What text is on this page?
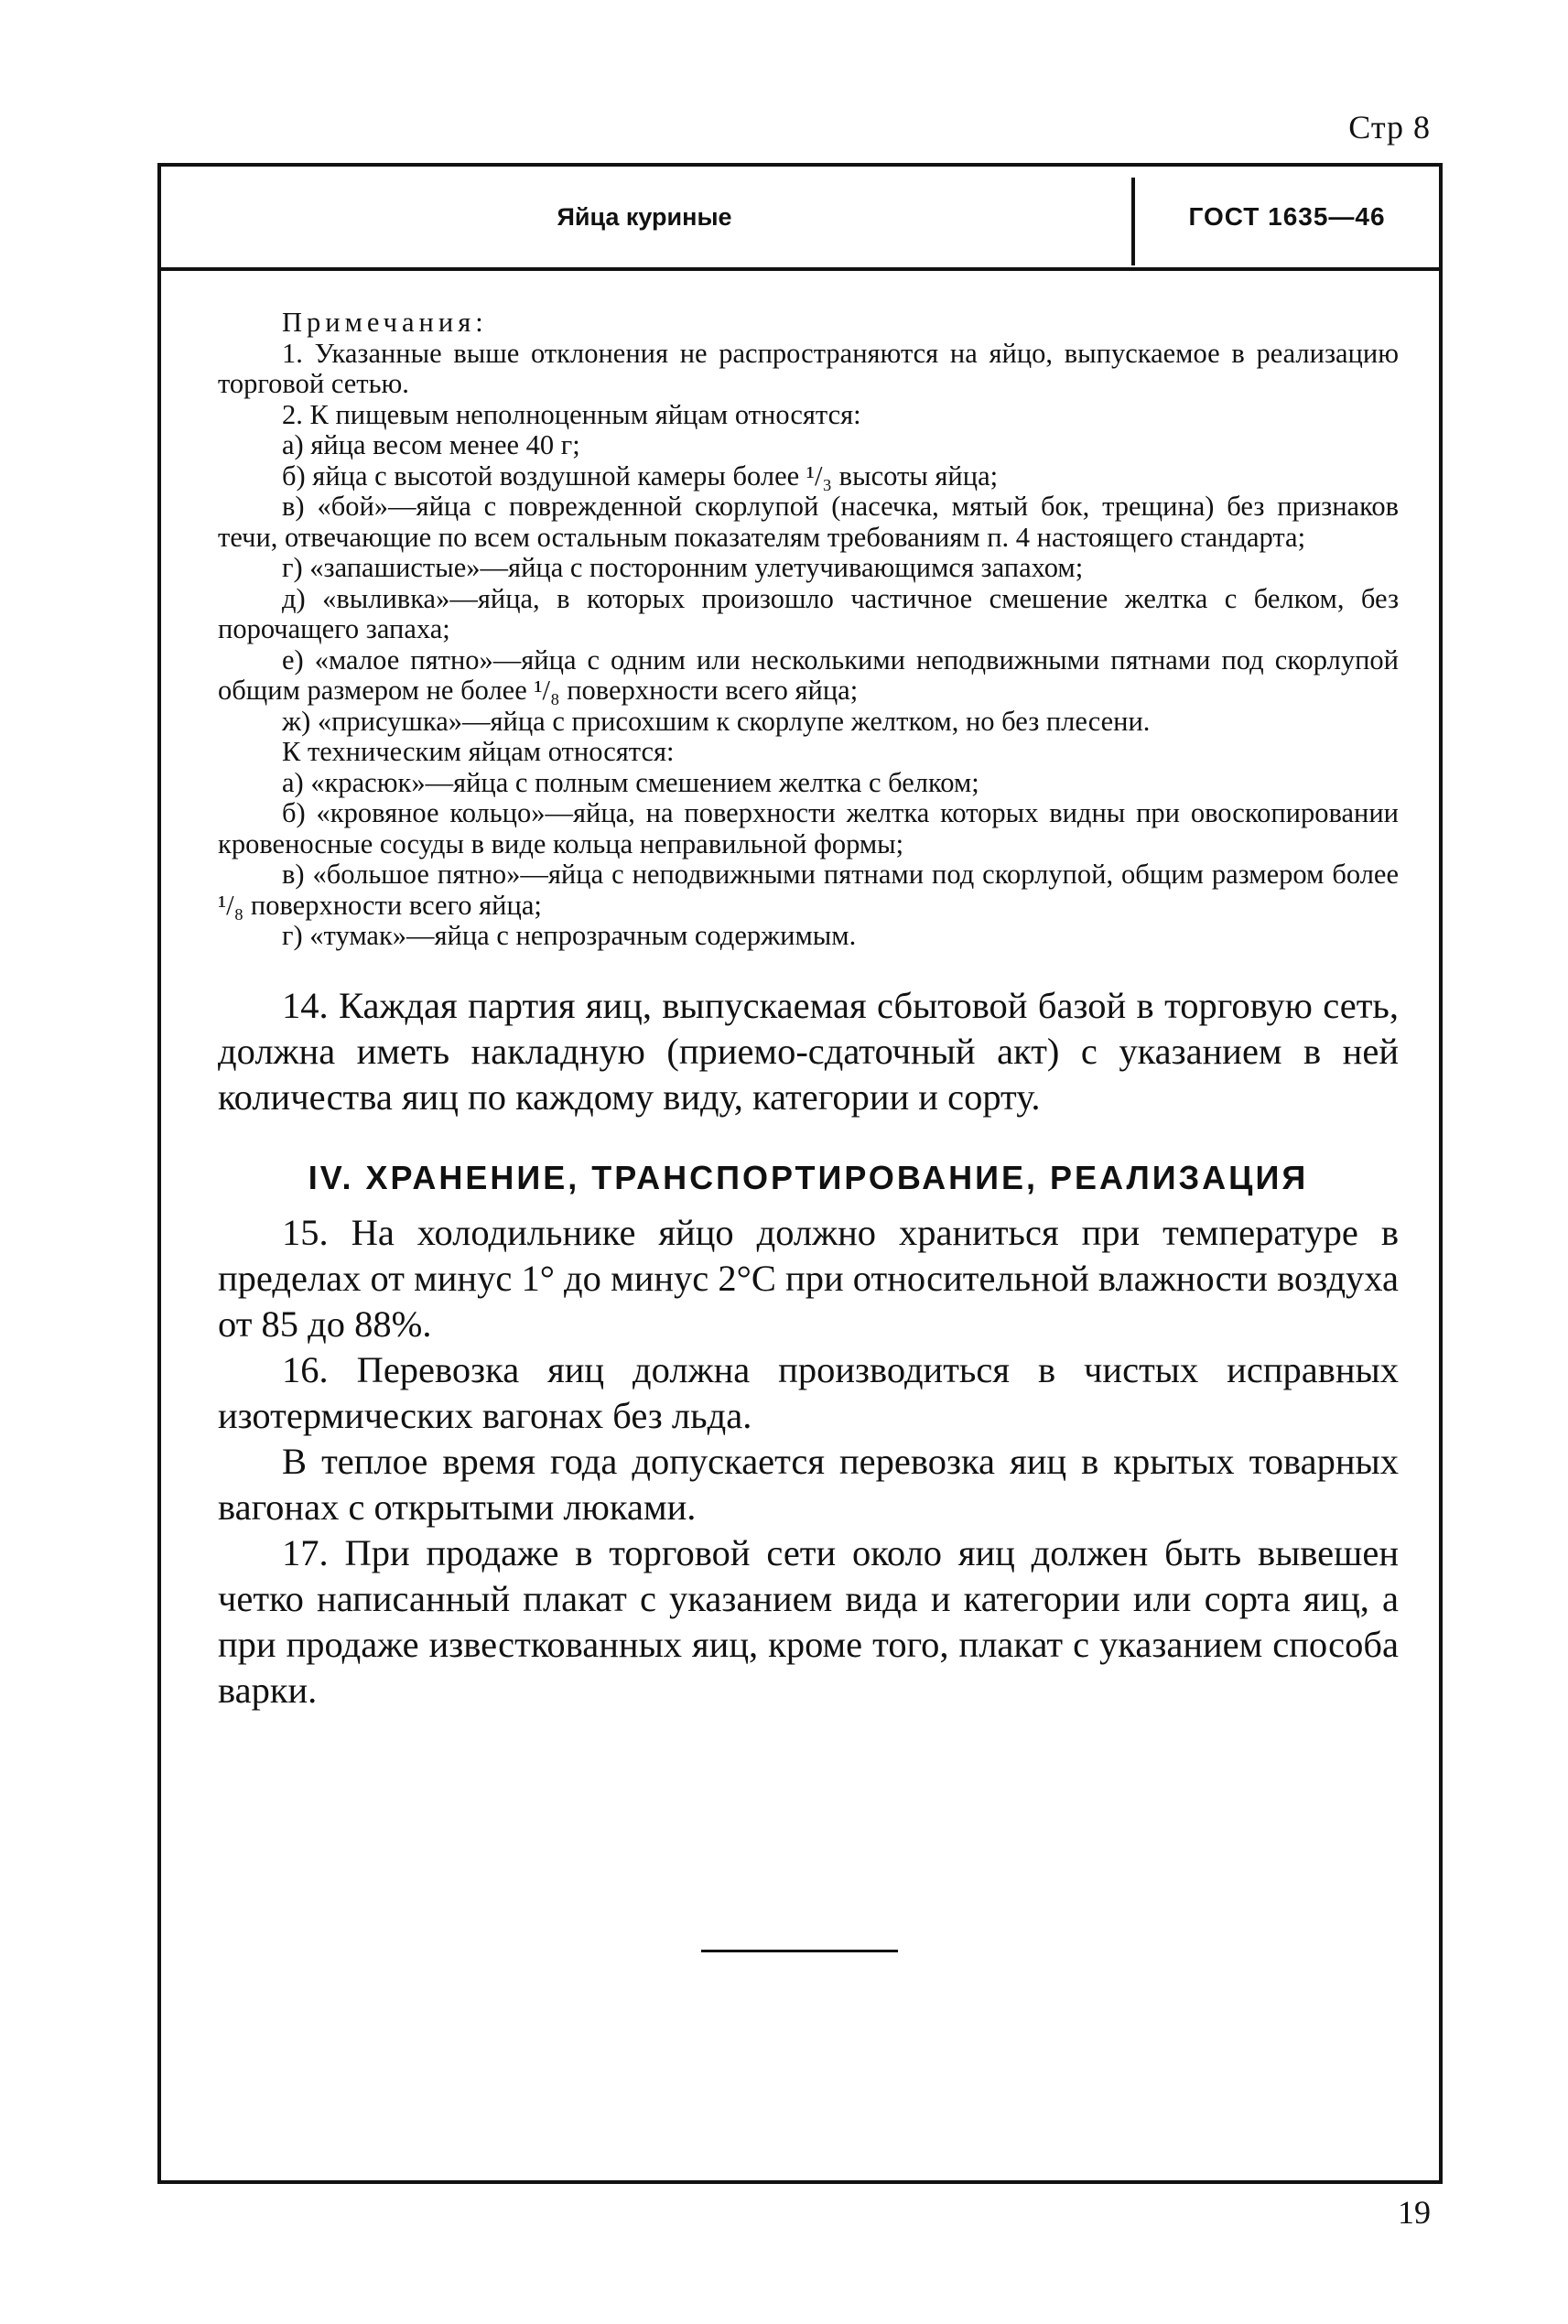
Стр 8
Яйца куриные	ГОСТ 1635—46

Примечания:

1. Указанные выше отклонения не распространяются на яйцо, выпускаемое в реализацию торговой сетью.

2. К пищевым неполноценным яйцам относятся:

а) яйца весом менее 40 г;

б) яйца с высотой воздушной камеры более ¹/₃ высоты яйца;

в) «бой»—яйца с поврежденной скорлупой (насечка, мятый бок, трещина) без признаков течи, отвечающие по всем остальным показателям требованиям п. 4 настоящего стандарта;

г) «запашистые»—яйца с посторонним улетучивающимся запахом;

д) «выливка»—яйца, в которых произошло частичное смешение желтка с белком, без порочащего запаха;

е) «малое пятно»—яйца с одним или несколькими неподвижными пятнами под скорлупой общим размером не более ¹/₈ поверхности всего яйца;

ж) «присушка»—яйца с присохшим к скорлупе желтком, но без плесени.

К техническим яйцам относятся:

а) «красюк»—яйца с полным смешением желтка с белком;

б) «кровяное кольцо»—яйца, на поверхности желтка которых видны при овоскопировании кровеносные сосуды в виде кольца неправильной формы;

в) «большое пятно»—яйца с неподвижными пятнами под скорлупой, общим размером более ¹/₈ поверхности всего яйца;

г) «тумак»—яйца с непрозрачным содержимым.

14. Каждая партия яиц, выпускаемая сбытовой базой в торговую сеть, должна иметь накладную (приемо-сдаточный акт) с указанием в ней количества яиц по каждому виду, категории и сорту.

IV. ХРАНЕНИЕ, ТРАНСПОРТИРОВАНИЕ, РЕАЛИЗАЦИЯ

15. На холодильнике яйцо должно храниться при температуре в пределах от минус 1° до минус 2°С при относительной влажности воздуха от 85 до 88%.

16. Перевозка яиц должна производиться в чистых исправных изотермических вагонах без льда.

В теплое время года допускается перевозка яиц в крытых товарных вагонах с открытыми люками.

17. При продаже в торговой сети около яиц должен быть вывешен четко написанный плакат с указанием вида и категории или сорта яиц, а при продаже известкованных яиц, кроме того, плакат с указанием способа варки.

19
